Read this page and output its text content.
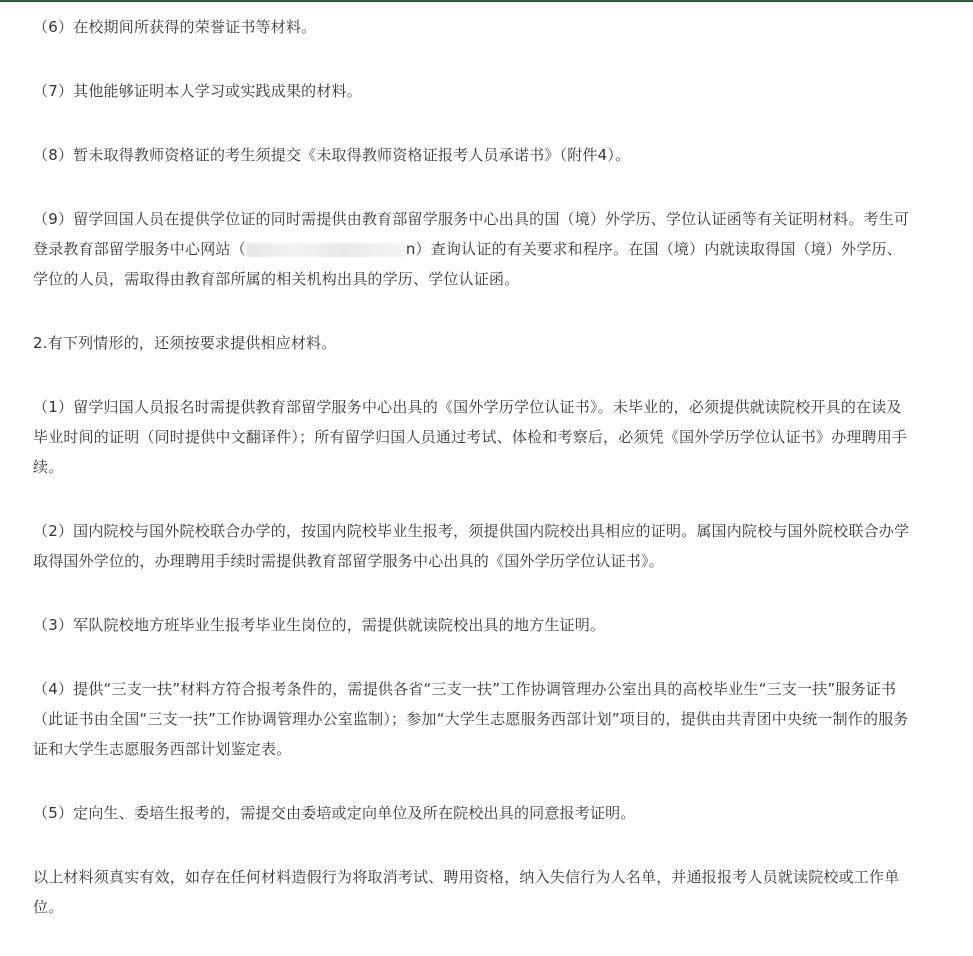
（6）在校期间所获得的荣誉证书等材料。

（7）其他能够证明本人学习或实践成果的材料。

（8）暂未取得教师资格证的考生须提交《未取得教师资格证报考人员承诺书》（附件4）。

（9）留学回国人员在提供学位证的同时需提供由教育部留学服务中心出具的国（境）外学历、学位认证函等有关证明材料。考生可登录教育部留学服务中心网站（	n）查询认证的有关要求和程序。在国（境）内就读取得国（境）外学历、学位的人员，需取得由教育部所属的相关机构出具的学历、学位认证函。

2.有下列情形的，还须按要求提供相应材料。

（1）留学归国人员报名时需提供教育部留学服务中心出具的《国外学历学位认证书》。未毕业的，必须提供就读院校开具的在读及毕业时间的证明（同时提供中文翻译件）；所有留学归国人员通过考试、体检和考察后，必须凭《国外学历学位认证书》办理聘用手续。

（2）国内院校与国外院校联合办学的，按国内院校毕业生报考，须提供国内院校出具相应的证明。属国内院校与国外院校联合办学取得国外学位的，办理聘用手续时需提供教育部留学服务中心出具的《国外学历学位认证书》。

（3）军队院校地方班毕业生报考毕业生岗位的，需提供就读院校出具的地方生证明。

（4）提供“三支一扶”材料方符合报考条件的，需提供各省“三支一扶”工作协调管理办公室出具的高校毕业生“三支一扶”服务证书（此证书由全国“三支一扶”工作协调管理办公室监制）；参加“大学生志愿服务西部计划”项目的，提供由共青团中央统一制作的服务证和大学生志愿服务西部计划鉴定表。

（5）定向生、委培生报考的，需提交由委培或定向单位及所在院校出具的同意报考证明。

以上材料须真实有效，如存在任何材料造假行为将取消考试、聘用资格，纳入失信行为人名单，并通报报考人员就读院校或工作单位。
